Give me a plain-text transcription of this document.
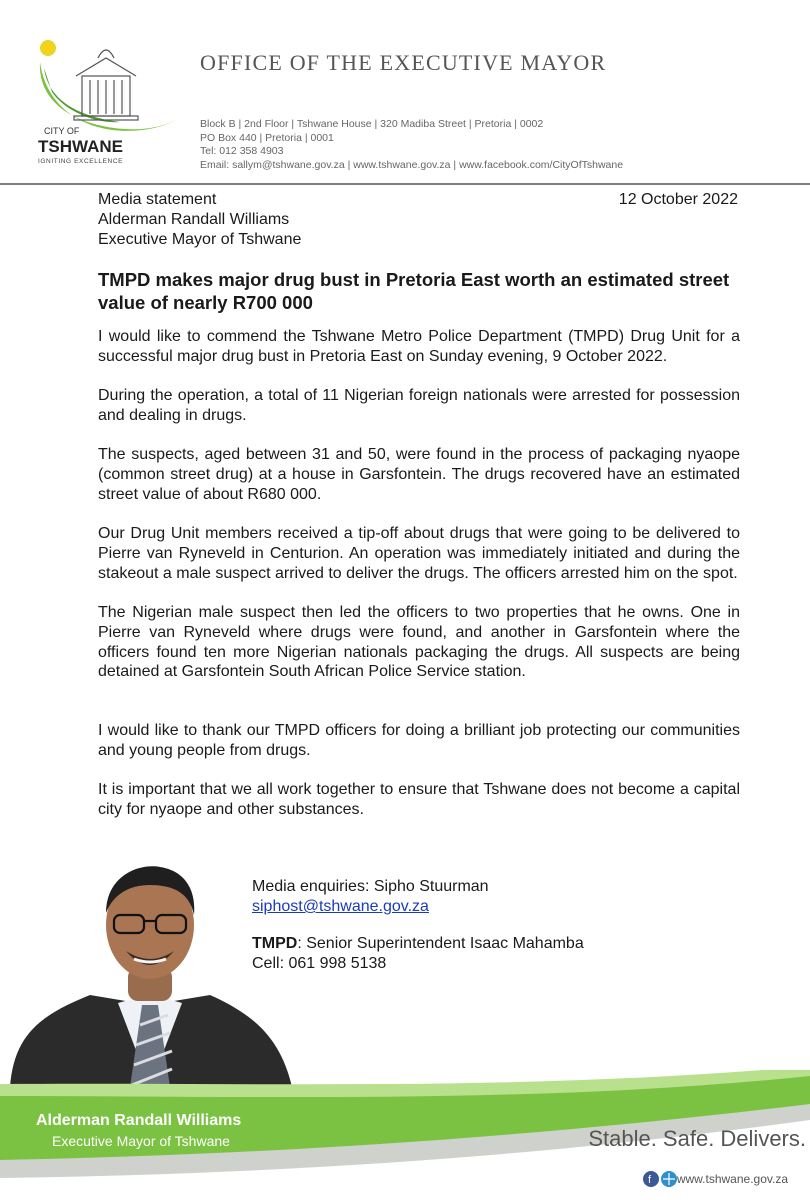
CITY OF
TSHWANE
IGNITING EXCELLENCE
OFFICE OF THE EXECUTIVE MAYOR
Block B | 2nd Floor | Tshwane House | 320 Madiba Street | Pretoria | 0002
PO Box 440 | Pretoria | 0001
Tel: 012 358 4903
Email: sallym@tshwane.gov.za | www.tshwane.gov.za | www.facebook.com/CityOfTshwane
Media statement
Alderman Randall Williams
Executive Mayor of Tshwane
12 October 2022
TMPD makes major drug bust in Pretoria East worth an estimated street value of nearly R700 000

I would like to commend the Tshwane Metro Police Department (TMPD) Drug Unit for a successful major drug bust in Pretoria East on Sunday evening, 9 October 2022.

During the operation, a total of 11 Nigerian foreign nationals were arrested for possession and dealing in drugs.

The suspects, aged between 31 and 50, were found in the process of packaging nyaope (common street drug) at a house in Garsfontein. The drugs recovered have an estimated street value of about R680 000.

Our Drug Unit members received a tip-off about drugs that were going to be delivered to Pierre van Ryneveld in Centurion. An operation was immediately initiated and during the stakeout a male suspect arrived to deliver the drugs. The officers arrested him on the spot.

The Nigerian male suspect then led the officers to two properties that he owns. One in Pierre van Ryneveld where drugs were found, and another in Garsfontein where the officers found ten more Nigerian nationals packaging the drugs. All suspects are being detained at Garsfontein South African Police Service station.

I would like to thank our TMPD officers for doing a brilliant job protecting our communities and young people from drugs.

It is important that we all work together to ensure that Tshwane does not become a capital city for nyaope and other substances.

Media enquiries: Sipho Stuurman
siphost@tshwane.gov.za
TMPD: Senior Superintendent Isaac Mahamba
Cell: 061 998 5138
Alderman Randall Williams
Executive Mayor of Tshwane	Stable. Safe. Delivers.
f www.tshwane.gov.za
